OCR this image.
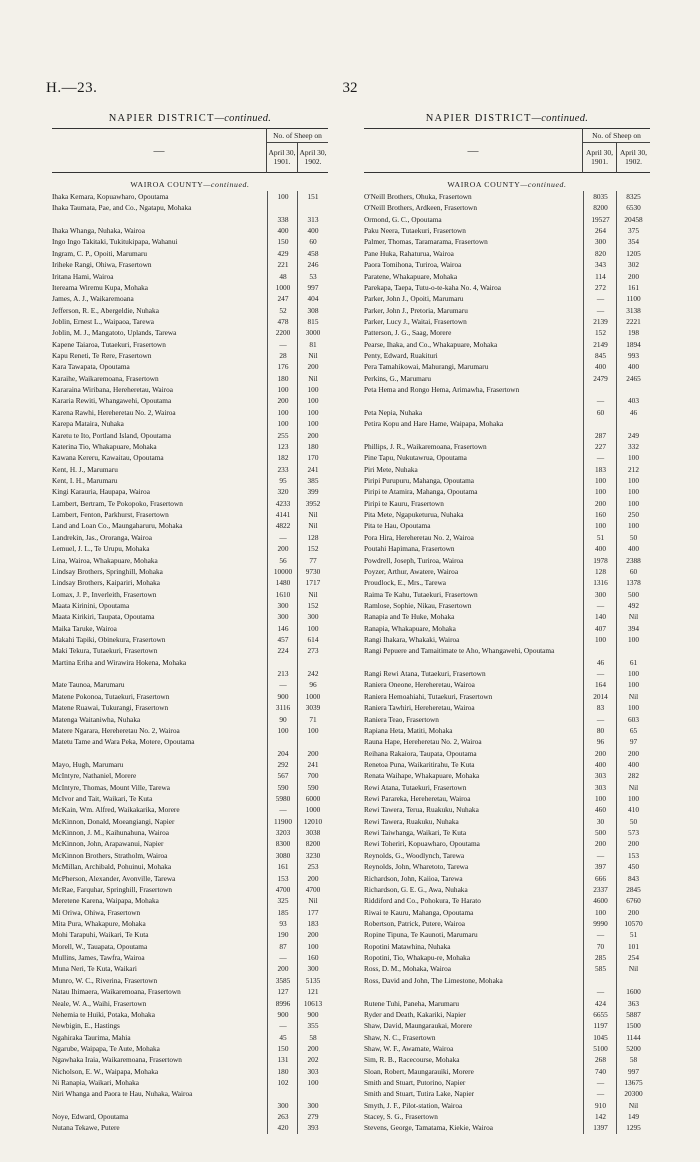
H.—23.	32
NAPIER DISTRICT—continued.
—	No. of Sheep on	
	April 30, 1901.	April 30, 1902.
WAIROA COUNTY—continued.
Ihaka Kemara, Kopuawharo, Opoutama	100	151
Ihaka Taumata, Pae, and Co., Ngatapu, Mohaka
338	313
Ihaka Whanga, Nuhaka, Wairoa	400	400
Ingo Ingo Takitaki, Tukitukipapa, Wahanui	150	60
Ingram, C. P., Opoiti, Marumaru	429	458
Iriheke Rangi, Ohiwa, Frasertown	221	246
Iritana Hami, Wairoa	48	53
Itereama Wiremu Kupa, Mohaka	1000	997
James, A. J., Waikaremoana	247	404
Jefferson, R. E., Abergeldie, Nuhaka	52	308
Joblin, Ernest L., Waipaoa, Tarewa	478	815
Joblin, M. J., Mangatoto, Uplands, Tarewa	2200	3000
Kapene Taiaroa, Tutaekuri, Frasertown	—	81
Kapu Reneti, Te Rere, Frasertown	28	Nil
Kara Tawapata, Opoutama	176	200
Karaihe, Waikaremoana, Frasertown	180	Nil
Kararaina Wiribana, Hereheretau, Wairoa	100	100
Kararia Rewiti, Whangawehi, Opoutama	200	100
Karena Rawhi, Hereheretau No. 2, Wairoa	100	100
Karepa Mataira, Nuhaka	100	100
Karetu te Ito, Portland Island, Opoutama	255	200
Katerina Tio, Whakapuare, Mohaka	123	180
Kawana Kereru, Kawaitau, Opoutama	182	170
Kent, H. J., Marumaru	233	241
Kent, I. H., Marumaru	95	385
Kingi Karauria, Haupapa, Wairoa	320	399
Lambert, Bertram, Te Pokopoko, Frasertown	4233	3952
Lambert, Fenton, Parkhurst, Frasertown	4141	Nil
Land and Loan Co., Maungaharuru, Mohaka	4822	Nil
Landrekin, Jas., Ororanga, Wairoa	—	128
Lemuel, J. L., Te Urupu, Mohaka	200	152
Lina, Wairoa, Whakapuare, Mohaka	56	77
Lindsay Brothers, Springhill, Mohaka	10000	9730
Lindsay Brothers, Kaipariri, Mohaka	1480	1717
Lomax, J. P., Inverleith, Frasertown	1610	Nil
Maata Kirinini, Opoutama	300	152
Maata Kirikiri, Taupata, Opoutama	300	300
Maika Taruke, Wairoa	146	100
Makahi Tapiki, Obinekura, Frasertown	457	614
Maki Tekura, Tutaekuri, Frasertown	224	273
Martina Eriha and Wirawira Hokena, Mohaka
213	242
Mate Taunoa, Marumaru	—	96
Matene Pokonoa, Tutaekuri, Frasertown	900	1000
Matene Ruawai, Tukurangi, Frasertown	3116	3039
Matenga Waitaniwha, Nuhaka	90	71
Matere Ngarara, Hereheretau No. 2, Wairoa	100	100
Matetu Tame and Wara Peka, Motere, Opoutama
204	200
Mayo, Hugh, Marumaru	292	241
McIntyre, Nathaniel, Morere	567	700
McIntyre, Thomas, Mount Ville, Tarewa	590	590
McIvor and Tait, Waikari, Te Kuta	5980	6000
McKain, Wm. Alfred, Waikakarika, Morere	—	1000
McKinnon, Donald, Moeangiangi, Napier	11900	12010
McKinnon, J. M., Kaihunahuna, Wairoa	3203	3038
McKinnon, John, Arapawanui, Napier	8300	8200
McKinnon Brothers, Stratholm, Wairoa	3080	3230
McMillan, Archibald, Pohuinui, Mohaka	161	253
McPherson, Alexander, Avonville, Tarewa	153	200
McRae, Farquhar, Springhill, Frasertown	4700	4700
Meretene Karena, Waipapa, Mohaka	325	Nil
Mi Oriwa, Ohiwa, Frasertown	185	177
Mita Pura, Whakapure, Mohaka	93	183
Mohi Tarapuhi, Waikari, Te Kuta	190	200
Morell, W., Tauapata, Opoutama	87	100
Mullins, James, Tawfra, Wairoa	—	160
Muna Neri, Te Kuta, Waikari	200	300
Munro, W. C., Riverina, Frasertown	3585	5135
Natau Ihimaera, Waikaremoana, Frasertown	127	121
Neale, W. A., Waihi, Frasertown	8996	10613
Nehemia te Huiki, Potaka, Mohaka	900	900
Newbigin, E., Hastings	—	355
Ngahiraka Taurima, Mahia	45	58
Ngarube, Waipapa, Te Aute, Mohaka	150	200
Ngawhaka Iraia, Waikaremoana, Frasertown	131	202
Nicholson, E. W., Waipapa, Mohaka	180	303
Ni Ranapia, Waikari, Mohaka	102	100
Niri Whanga and Paora te Hau, Nuhaka, Wairoa
300	300
Noye, Edward, Opoutama	263	279
Nutana Tekawe, Putere	420	393
NAPIER DISTRICT—continued.
—	No. of Sheep on	
	April 30, 1901.	April 30, 1902.
WAIROA COUNTY—continued.
O'Neill Brothers, Ohuka, Frasertown	8035	8325
O'Neill Brothers, Ardkeen, Frasertown	8200	6530
Ormond, G. C., Opoutama	19527	20458
Paku Neera, Tutaekuri, Frasertown	264	375
Palmer, Thomas, Taramarama, Frasertown	300	354
Pane Huka, Rahaturua, Wairoa	820	1205
Paora Tomihona, Turiroa, Wairoa	343	302
Paratene, Whakapuare, Mohaka	114	200
Parekapa, Taepa, Tutu-o-te-kaha No. 4, Wairoa	272	161
Parker, John J., Opoiti, Marumaru	—	1100
Parker, John J., Pretoria, Marumaru	—	3138
Parker, Lucy J., Waitai, Frasertown	2139	2221
Patterson, J. G., Saag, Morere	152	198
Pearse, Ihaka, and Co., Whakapuare, Mohaka	2149	1894
Penty, Edward, Ruakituri	845	993
Pera Tamahikowai, Mahurangi, Marumaru	400	400
Perkins, G., Marumaru	2479	2465
Peta Hema and Rongo Hema, Arimawha, Frasertown
—	403
Peta Nepia, Nuhaka	60	46
Petira Kopu and Hare Hame, Waipapa, Mohaka
287	249
Phillips, J. R., Waikaremoana, Frasertown	227	332
Pine Tapu, Nukutawrua, Opoutama	—	100
Piri Mete, Nuhaka	183	212
Piripi Purupuru, Mahanga, Opoutama	100	100
Piripi te Atamira, Mahanga, Opoutama	100	100
Piripi te Kauru, Frasertown	200	100
Pita Mete, Ngapuketurua, Nuhaka	160	250
Pita te Hau, Opoutama	100	100
Pora Hira, Hereheretau No. 2, Wairoa	51	50
Poutahi Hapimana, Frasertown	400	400
Powdrell, Joseph, Turiroa, Wairoa	1978	2388
Poyzer, Arthur, Awatere, Wairoa	128	60
Proudlock, E., Mrs., Tarewa	1316	1378
Raima Te Kahu, Tutaekuri, Frasertown	300	500
Ramlose, Sophie, Nikau, Frasertown	—	492
Ranapia and Te Huke, Mohaka	140	Nil
Ranapia, Whakapuare, Mohaka	407	394
Rangi Ihakara, Whakaki, Wairoa	100	100
Rangi Pepuere and Tamaitimate te Aho, Whangawehi, Opoutama
46	61
Rangi Rewi Atana, Tutaekuri, Frasertown	—	100
Raniera Oneone, Hereheretau, Wairoa	164	100
Raniera Hemoahiahi, Tutaekuri, Frasertown	2014	Nil
Raniera Tawhiri, Hereheretau, Wairoa	83	100
Raniera Teao, Frasertown	—	603
Rapiana Heta, Matiti, Mohaka	80	65
Rauna Hape, Hereheretau No. 2, Wairoa	96	97
Reihana Rakaiora, Taupata, Opoutama	200	200
Renetoa Puna, Waikaritirahu, Te Kuta	400	400
Renata Waihape, Whakapuare, Mohaka	303	282
Rewi Atana, Tutaekuri, Frasertown	303	Nil
Rewi Parareka, Hereheretau, Wairoa	100	100
Rewi Tawera, Terua, Ruakuku, Nuhaka	460	410
Rewi Tawera, Ruakuku, Nuhaka	30	50
Rewi Taiwhanga, Waikari, Te Kuta	500	573
Rewi Toheriri, Kopuawharo, Opoutama	200	200
Reynolds, G., Woodlynch, Tarewa	—	153
Reynolds, John, Wharetoto, Tarewa	397	450
Richardson, John, Kaiioa, Tarewa	666	843
Richardson, G. E. G., Awa, Nuhaka	2337	2845
Riddiford and Co., Pohokura, Te Harato	4600	6760
Riwai te Kauru, Mahanga, Opoutama	100	200
Robertson, Patrick, Putere, Wairoa	9990	10570
Ropine Tipuna, Te Kaunoti, Marumaru	—	51
Ropotini Matawhina, Nuhaka	70	101
Ropotini, Tio, Whakapu-re, Mohaka	285	254
Ross, D. M., Mohaka, Wairoa	585	Nil
Ross, David and John, The Limestone, Mohaka
—	1600
Rutene Tuhi, Paneha, Marumaru	424	363
Ryder and Death, Kakariki, Napier	6655	5887
Shaw, David, Maungaraukai, Morere	1197	1500
Shaw, N. C., Frasertown	1045	1144
Shaw, W. F., Awamate, Wairoa	5100	5200
Sim, R. B., Racecourse, Mohaka	268	58
Sloan, Robert, Maungarauiki, Morere	740	997
Smith and Stuart, Putorino, Napier	—	13675
Smith and Stuart, Tutira Lake, Napier	—	20300
Smyth, J. F., Pilot-station, Wairoa	910	Nil
Stacey, S. G., Frasertown	142	149
Stevens, George, Tamatama, Kiekie, Wairoa	1397	1295
